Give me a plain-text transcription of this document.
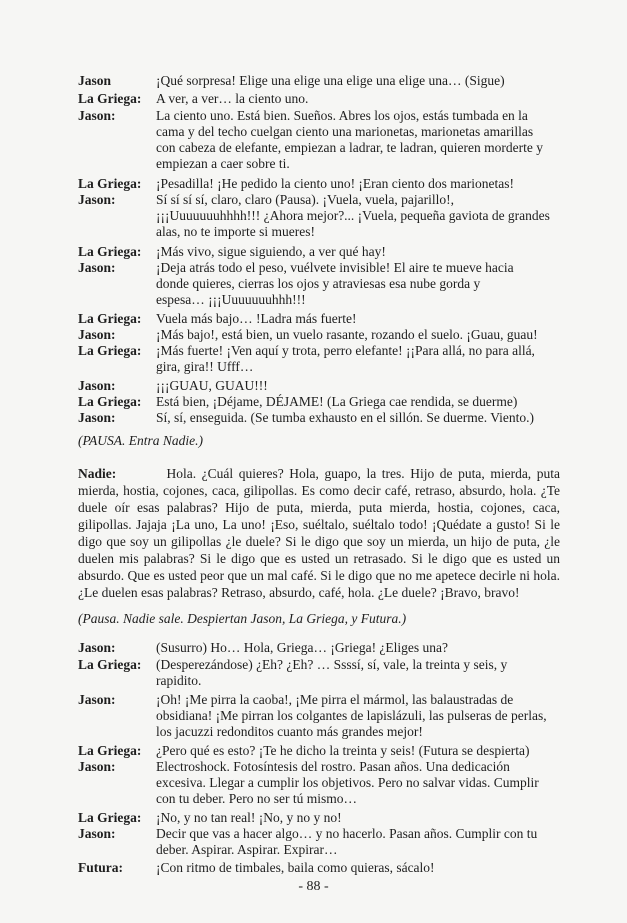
Jason	¡Qué sorpresa! Elige una elige una elige una elige una… (Sigue)
La Griega: A ver, a ver… la ciento uno.
Jason:	La ciento uno. Está bien. Sueños. Abres los ojos, estás tumbada en la
cama y del techo cuelgan ciento una marionetas, marionetas amarillas
con cabeza de elefante, empiezan a ladrar, te ladran, quieren morderte y
empiezan a caer sobre ti.
La Griega: ¡Pesadilla! ¡He pedido la ciento uno! ¡Eran ciento dos marionetas!
Jason:	Sí sí sí sí, claro, claro (Pausa). ¡Vuela, vuela, pajarillo!,
¡¡¡Uuuuuuuhhhh!!! ¿Ahora mejor?... ¡Vuela, pequeña gaviota de grandes
alas, no te importe si mueres!
La Griega: ¡Más vivo, sigue siguiendo, a ver qué hay!
Jason:	¡Deja atrás todo el peso, vuélvete invisible! El aire te mueve hacia
donde quieres, cierras los ojos y atraviesas esa nube gorda y
espesa… ¡¡¡Uuuuuuuhhh!!!
La Griega: Vuela más bajo… !Ladra más fuerte!
Jason:	¡Más bajo!, está bien, un vuelo rasante, rozando el suelo. ¡Guau, guau!
La Griega: ¡Más fuerte! ¡Ven aquí y trota, perro elefante! ¡¡Para allá, no para allá,
gira, gira!! Ufff…
Jason:	¡¡¡GUAU, GUAU!!!
La Griega: Está bien, ¡Déjame, DÉJAME! (La Griega cae rendida, se duerme)
Jason:	Sí, sí, enseguida. (Se tumba exhausto en el sillón. Se duerme. Viento.)
(PAUSA. Entra Nadie.)
Nadie:	Hola. ¿Cuál quieres? Hola, guapo, la tres. Hijo de puta, mierda, puta mierda, hostia, cojones, caca, gilipollas. Es como decir café, retraso, absurdo, hola. ¿Te duele oír esas palabras? Hijo de puta, mierda, puta mierda, hostia, cojones, caca, gilipollas. Jajaja ¡La uno, La uno! ¡Eso, suéltalo, suéltalo todo! ¡Quédate a gusto! Si le digo que soy un gilipollas ¿le duele? Si le digo que soy un mierda, un hijo de puta, ¿le duelen mis palabras? Si le digo que es usted un retrasado. Si le digo que es usted un absurdo. Que es usted peor que un mal café. Si le digo que no me apetece decirle ni hola. ¿Le duelen esas palabras? Retraso, absurdo, café, hola. ¿Le duele? ¡Bravo, bravo!
(Pausa. Nadie sale. Despiertan Jason, La Griega, y Futura.)
Jason:	(Susurro) Ho… Hola, Griega… ¡Griega! ¿Eliges una?
La Griega: (Desperezándose) ¿Eh? ¿Eh? … Ssssí, sí, vale, la treinta y seis, y
rapidito.
Jason:	¡Oh! ¡Me pirra la caoba!, ¡Me pirra el mármol, las balaustradas de
obsidiana! ¡Me pirran los colgantes de lapislázuli, las pulseras de perlas,
los jacuzzi redonditos cuanto más grandes mejor!
La Griega: ¿Pero qué es esto? ¡Te he dicho la treinta y seis! (Futura se despierta)
Jason:	Electroshock. Fotosíntesis del rostro. Pasan años. Una dedicación
excesiva. Llegar a cumplir los objetivos. Pero no salvar vidas. Cumplir
con tu deber. Pero no ser tú mismo…
La Griega: ¡No, y no tan real! ¡No, y no y no!
Jason:	Decir que vas a hacer algo… y no hacerlo. Pasan años. Cumplir con tu
deber. Aspirar. Aspirar. Expirar…
Futura: ¡Con ritmo de timbales, baila como quieras, sácalo!
- 88 -
